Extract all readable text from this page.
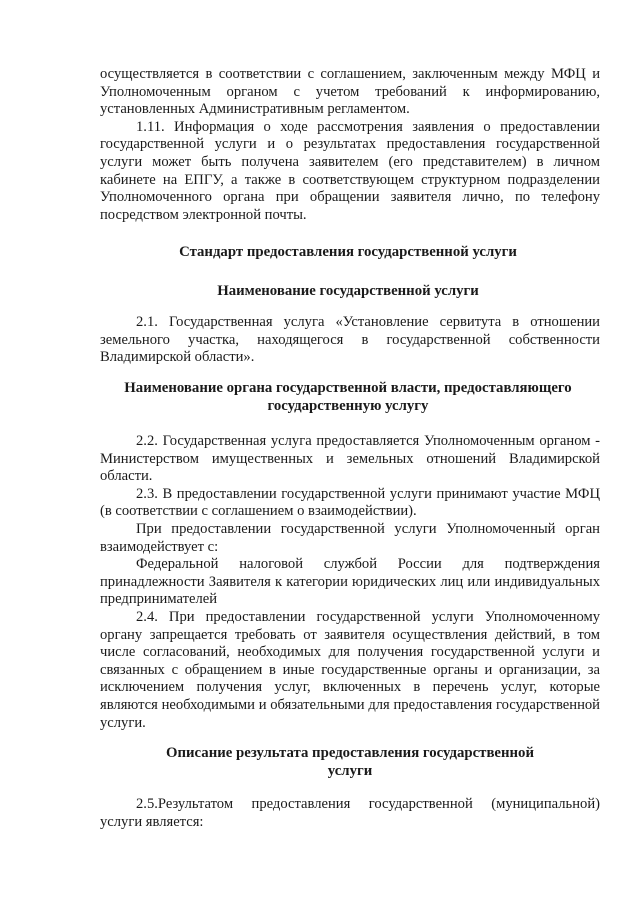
осуществляется в соответствии с соглашением, заключенным между МФЦ и Уполномоченным органом с учетом требований к информированию, установленных Административным регламентом.

1.11. Информация о ходе рассмотрения заявления о предоставлении государственной услуги и о результатах предоставления государственной услуги может быть получена заявителем (его представителем) в личном кабинете на ЕПГУ, а также в соответствующем структурном подразделении Уполномоченного органа при обращении заявителя лично, по телефону посредством электронной почты.

Стандарт предоставления государственной услуги
Наименование государственной услуги

2.1. Государственная услуга «Установление сервитута в отношении земельного участка, находящегося в государственной собственности Владимирской области».

Наименование органа государственной власти, предоставляющего государственную услугу

2.2. Государственная услуга предоставляется Уполномоченным органом - Министерством имущественных и земельных отношений Владимирской области.

2.3. В предоставлении государственной услуги принимают участие МФЦ (в соответствии с соглашением о взаимодействии).

При предоставлении государственной услуги Уполномоченный орган взаимодействует с:

Федеральной налоговой службой России для подтверждения принадлежности Заявителя к категории юридических лиц или индивидуальных предпринимателей

2.4. При предоставлении государственной услуги Уполномоченному органу запрещается требовать от заявителя осуществления действий, в том числе согласований, необходимых для получения государственной услуги и связанных с обращением в иные государственные органы и организации, за исключением получения услуг, включенных в перечень услуг, которые являются необходимыми и обязательными для предоставления государственной услуги.

Описание результата предоставления государственной услуги

2.5.Результатом предоставления государственной (муниципальной) услуги является:
